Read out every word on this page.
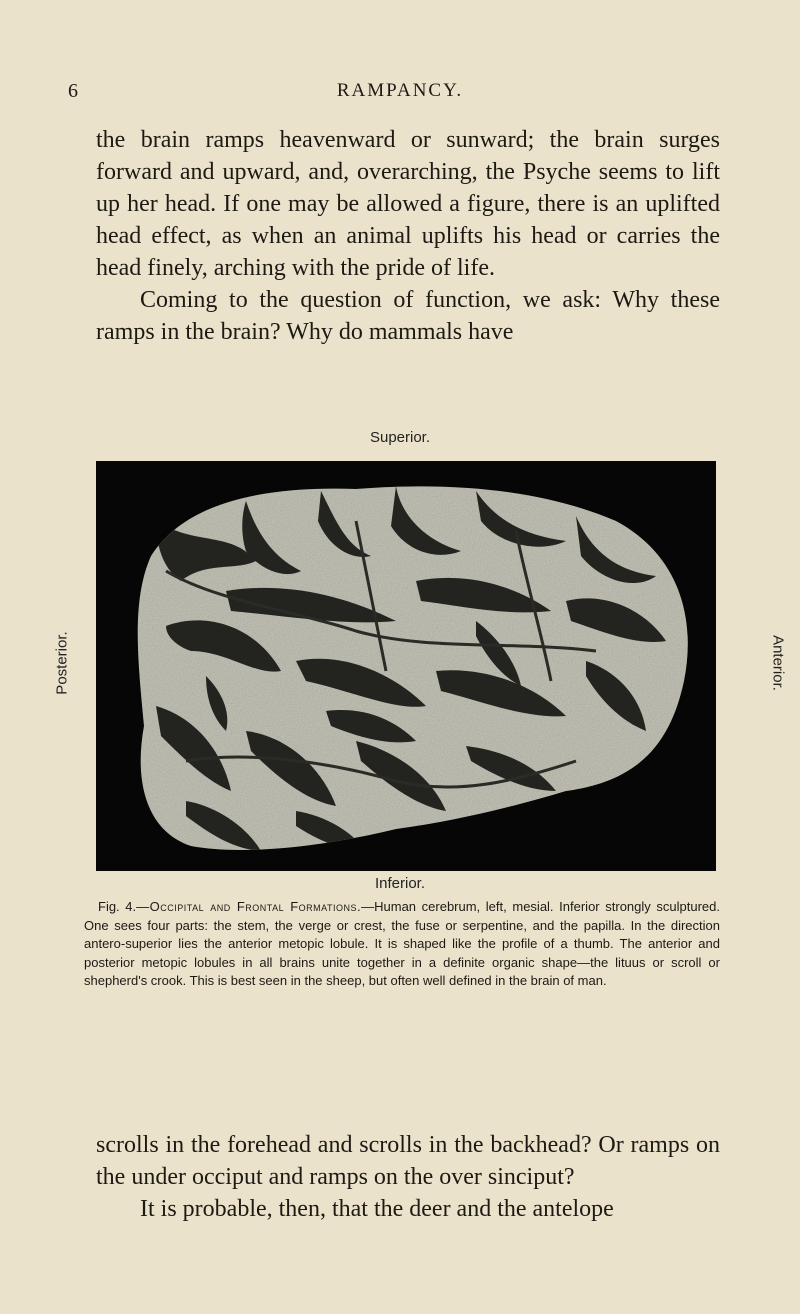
6	RAMPANCY.

the brain ramps heavenward or sunward; the brain surges forward and upward, and, overarching, the Psyche seems to lift up her head. If one may be allowed a figure, there is an uplifted head effect, as when an animal uplifts his head or carries the head finely, arching with the pride of life.

Coming to the question of function, we ask: Why these ramps in the brain? Why do mammals have

Superior.
Posterior.	Anterior.
Inferior.
Fig. 4.—Occipital and Frontal Formations.—Human cerebrum, left, mesial. Inferior strongly sculptured. One sees four parts: the stem, the verge or crest, the fuse or serpentine, and the papilla. In the direction antero-superior lies the anterior metopic lobule. It is shaped like the profile of a thumb. The anterior and posterior metopic lobules in all brains unite together in a definite organic shape—the lituus or scroll or shepherd's crook. This is best seen in the sheep, but often well defined in the brain of man.

scrolls in the forehead and scrolls in the backhead? Or ramps on the under occiput and ramps on the over sinciput?

It is probable, then, that the deer and the antelope
